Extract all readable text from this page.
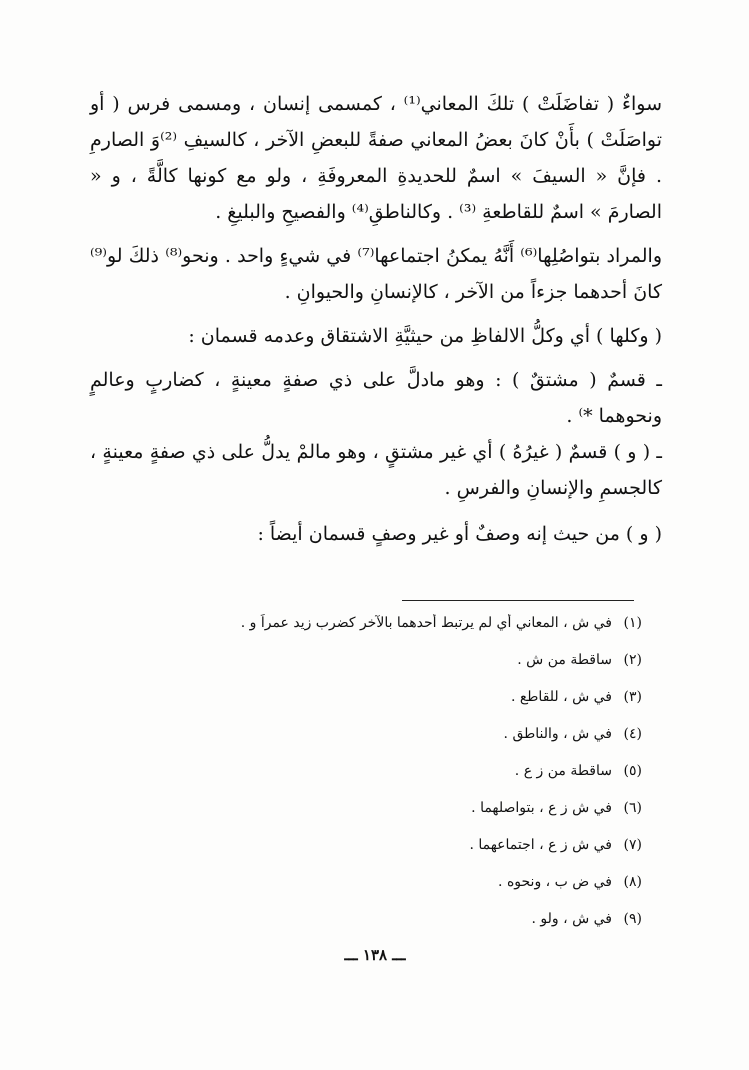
سواءٌ ( تفاضَلَتْ ) تلكَ المعاني⁽¹⁾ ، كمسمى إنسان ، ومسمى فرس ( أو تواصَلَتْ ) بأَنْ كانَ بعضُ المعاني صفةً للبعضِ الآخر ، كالسيفِ ⁽²⁾وَ الصارمِ . فإنَّ « السيفَ » اسمٌ للحديدةِ المعروفَةِ ، ولو مع كونها كالَّةً ، و « الصارمَ » اسمٌ للقاطعةِ ⁽³⁾ . وكالناطقِ⁽⁴⁾ والفصيحِ والبليغِ .

والمراد بتواصُلِها⁽⁶⁾ أَنَّهُ يمكنُ اجتماعها⁽⁷⁾ في شيءٍ واحد . ونحو⁽⁸⁾ ذلكَ لو⁽⁹⁾ كانَ أحدهما جزءاً من الآخر ، كالإنسانِ والحيوانِ .

( وكلها ) أي وكلُّ الالفاظِ من حيثيَّةِ الاشتقاق وعدمه قسمان :

ـ قسمٌ ( مشتقٌ ) : وهو مادلَّ على ذي صفةٍ معينةٍ ، كضاربٍ وعالمٍ ونحوهما *⁾ .

ـ ( و ) قسمٌ ( غيرُهُ ) أي غير مشتقٍ ، وهو مالمْ يدلُّ على ذي صفةٍ معينةٍ ، كالجسمِ والإنسانِ والفرسِ .

( و ) من حيث إنه وصفٌ أو غير وصفٍ قسمان أيضاً :

(١)في ش ، المعاني أي لم يرتبط أحدهما بالآخر كضرب زيد عمراً و .
(٢)ساقطة من ش .
(٣)في ش ، للقاطع .
(٤)في ش ، والناطق .
(٥)ساقطة من ز ع .
(٦)في ش ز ع ، بتواصلهما .
(٧)في ش ز ع ، اجتماعهما .
(٨)في ض ب ، ونحوه .
(٩)في ش ، ولو .
ـــ ١٣٨ ـــ
